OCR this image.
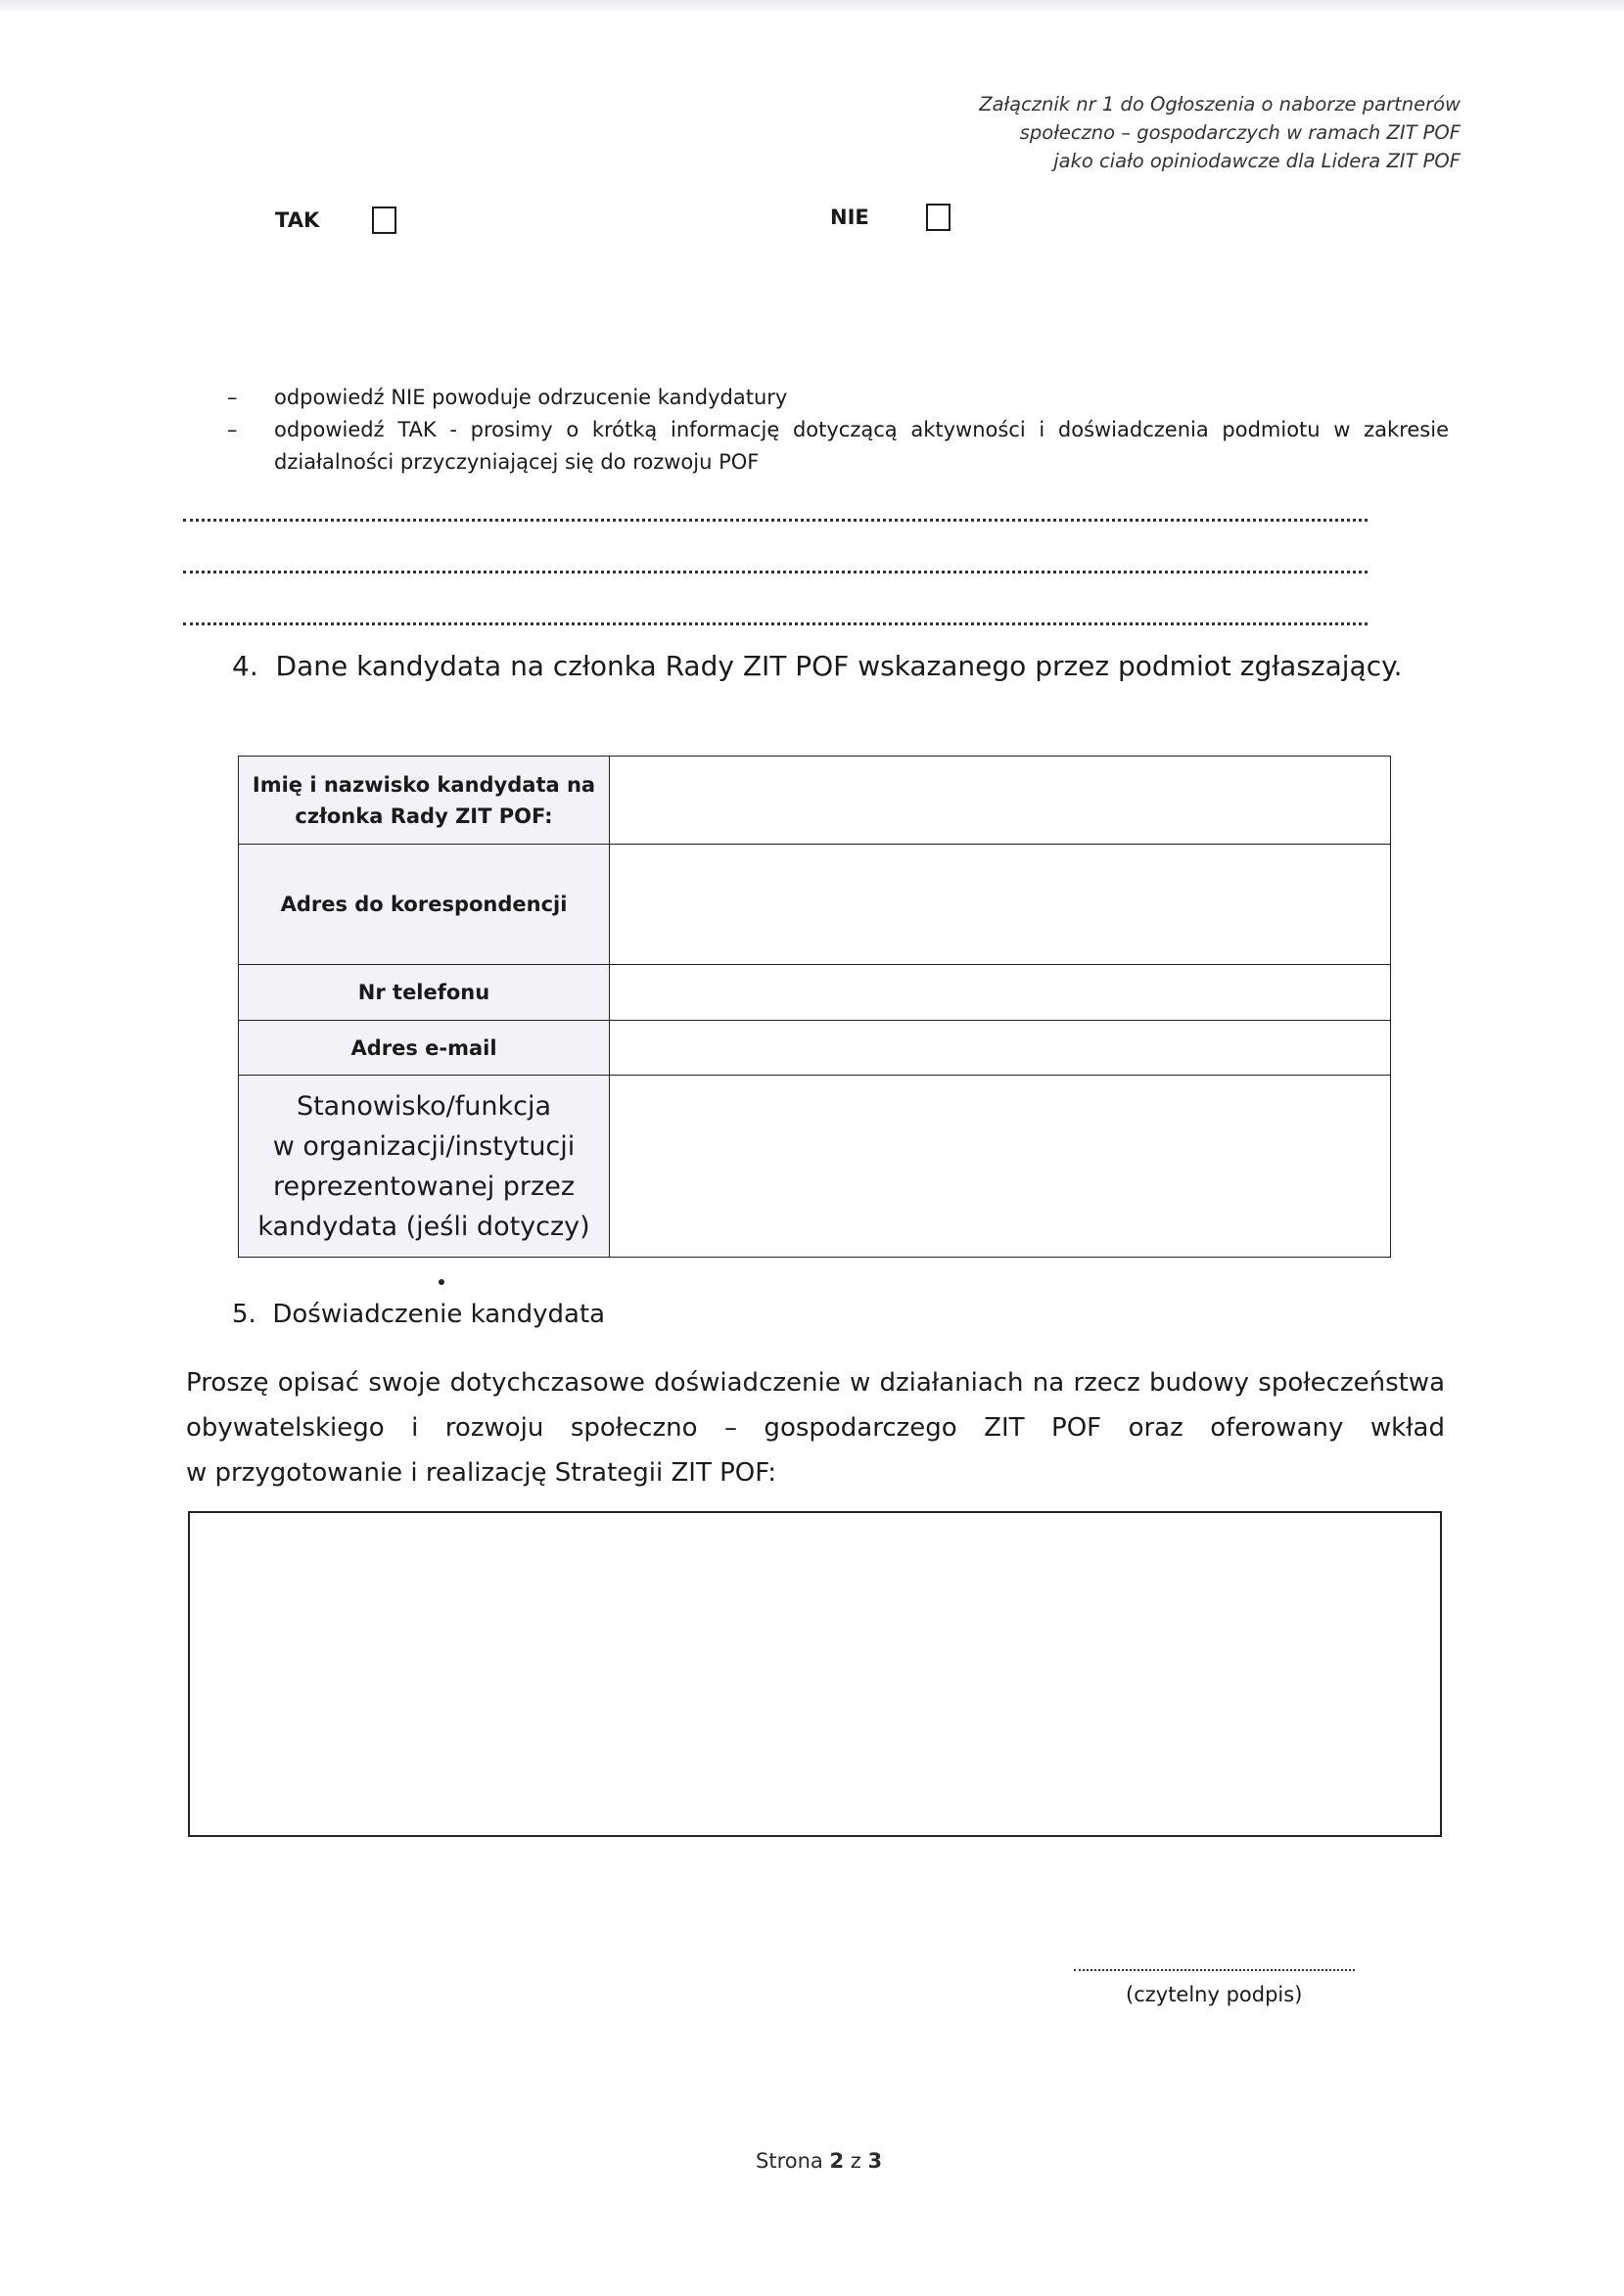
Załącznik nr 1 do Ogłoszenia o naborze partnerów
społeczno – gospodarczych w ramach ZIT POF
jako ciało opiniodawcze dla Lidera ZIT POF
TAK	NIE
– odpowiedź NIE powoduje odrzucenie kandydatury
– odpowiedź TAK - prosimy o krótką informację dotyczącą aktywności i doświadczenia podmiotu w zakresie
działalności przyczyniającej się do rozwoju POF
4. Dane kandydata na członka Rady ZIT POF wskazanego przez podmiot zgłaszający.
Imię i nazwisko kandydata na
członka Rady ZIT POF:	

Adres do korespondencji	
Nr telefonu	
Adres e-mail	

Stanowisko/funkcja
w organizacji/instytucji
reprezentowanej przez
kandydata (jeśli dotyczy)	

5. Doświadczenie kandydata
Proszę opisać swoje dotychczasowe doświadczenie w działaniach na rzecz budowy społeczeństwa
obywatelskiego i rozwoju społeczno – gospodarczego ZIT POF oraz oferowany wkład
w przygotowanie i realizację Strategii ZIT POF:
(czytelny podpis)
Strona 2 z 3
